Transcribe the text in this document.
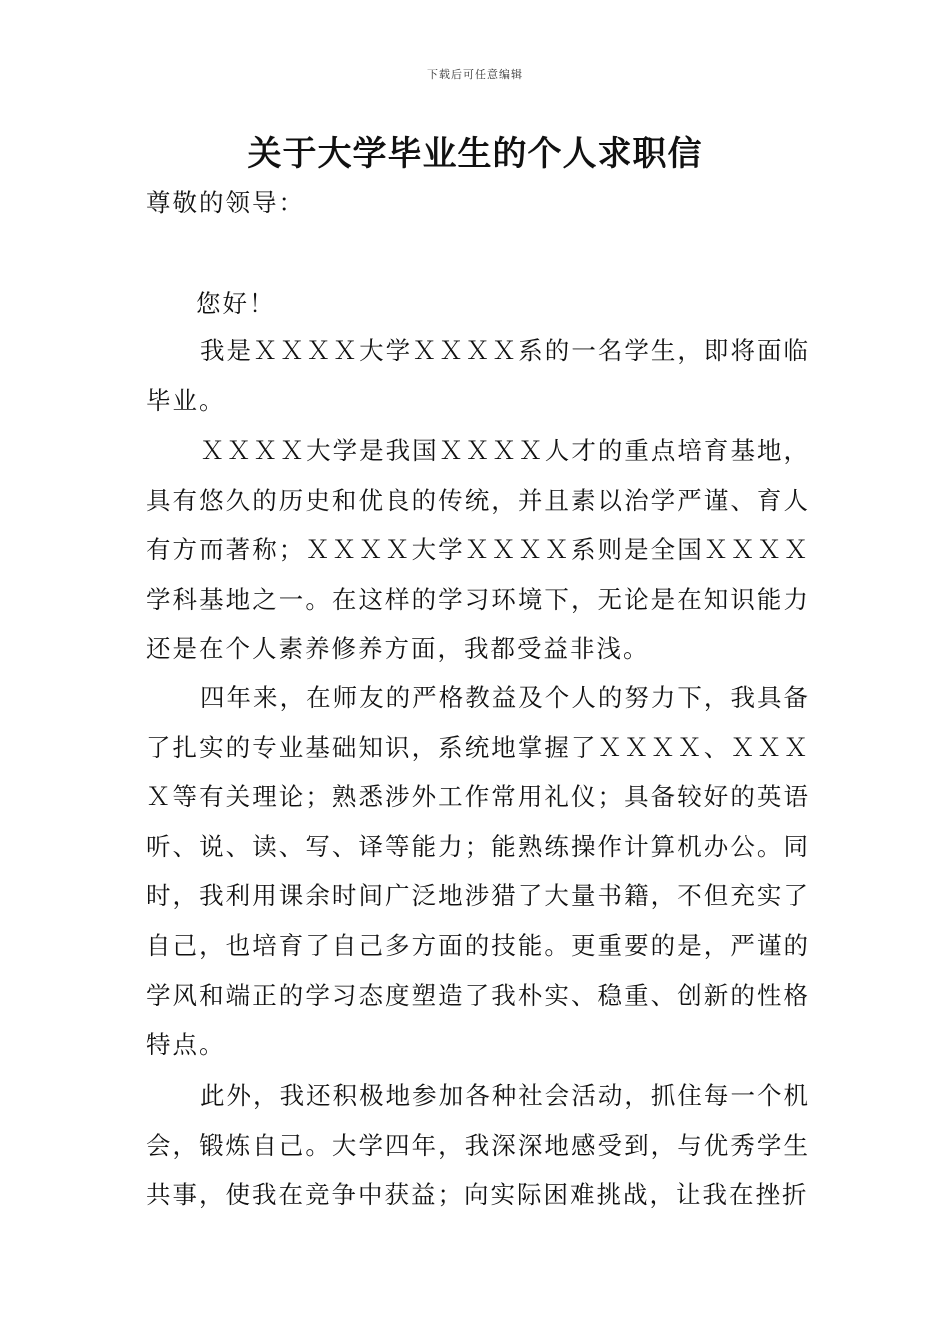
下载后可任意编辑
关于大学毕业生的个人求职信
尊敬的领导：
您好！
我是ＸＸＸＸ大学ＸＸＸＸ系的一名学生，即将面临毕业。
ＸＸＸＸ大学是我国ＸＸＸＸ人才的重点培育基地，具有悠久的历史和优良的传统，并且素以治学严谨、育人有方而著称；ＸＸＸＸ大学ＸＸＸＸ系则是全国ＸＸＸＸ学科基地之一。在这样的学习环境下，无论是在知识能力还是在个人素养修养方面，我都受益非浅。
四年来，在师友的严格教益及个人的努力下，我具备了扎实的专业基础知识，系统地掌握了ＸＸＸＸ、ＸＸＸＸ等有关理论；熟悉涉外工作常用礼仪；具备较好的英语听、说、读、写、译等能力；能熟练操作计算机办公。同时，我利用课余时间广泛地涉猎了大量书籍，不但充实了自己，也培育了自己多方面的技能。更重要的是，严谨的学风和端正的学习态度塑造了我朴实、稳重、创新的性格特点。
此外，我还积极地参加各种社会活动，抓住每一个机会，锻炼自己。大学四年，我深深地感受到，与优秀学生共事，使我在竞争中获益；向实际困难挑战，让我在挫折
